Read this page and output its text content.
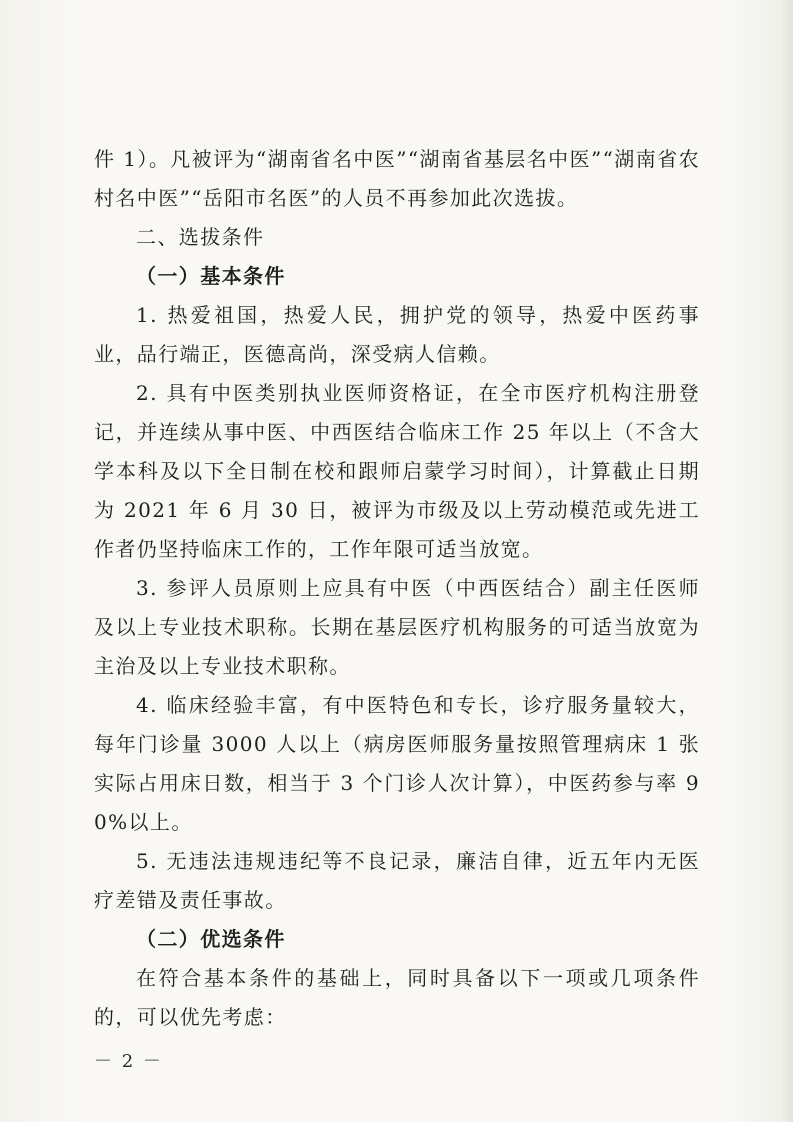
件 1）。凡被评为“湖南省名中医”“湖南省基层名中医”“湖南省农村名中医”“岳阳市名医”的人员不再参加此次选拔。

二、选拔条件

（一）基本条件

1. 热爱祖国，热爱人民，拥护党的领导，热爱中医药事业，品行端正，医德高尚，深受病人信赖。

2. 具有中医类别执业医师资格证，在全市医疗机构注册登记，并连续从事中医、中西医结合临床工作 25 年以上（不含大学本科及以下全日制在校和跟师启蒙学习时间），计算截止日期为 2021 年 6 月 30 日，被评为市级及以上劳动模范或先进工作者仍坚持临床工作的，工作年限可适当放宽。

3. 参评人员原则上应具有中医（中西医结合）副主任医师及以上专业技术职称。长期在基层医疗机构服务的可适当放宽为主治及以上专业技术职称。

4. 临床经验丰富，有中医特色和专长，诊疗服务量较大，每年门诊量 3000 人以上（病房医师服务量按照管理病床 1 张实际占用床日数，相当于 3 个门诊人次计算），中医药参与率 90%以上。

5. 无违法违规违纪等不良记录，廉洁自律，近五年内无医疗差错及责任事故。

（二）优选条件

在符合基本条件的基础上，同时具备以下一项或几项条件的，可以优先考虑：

－ 2 －
